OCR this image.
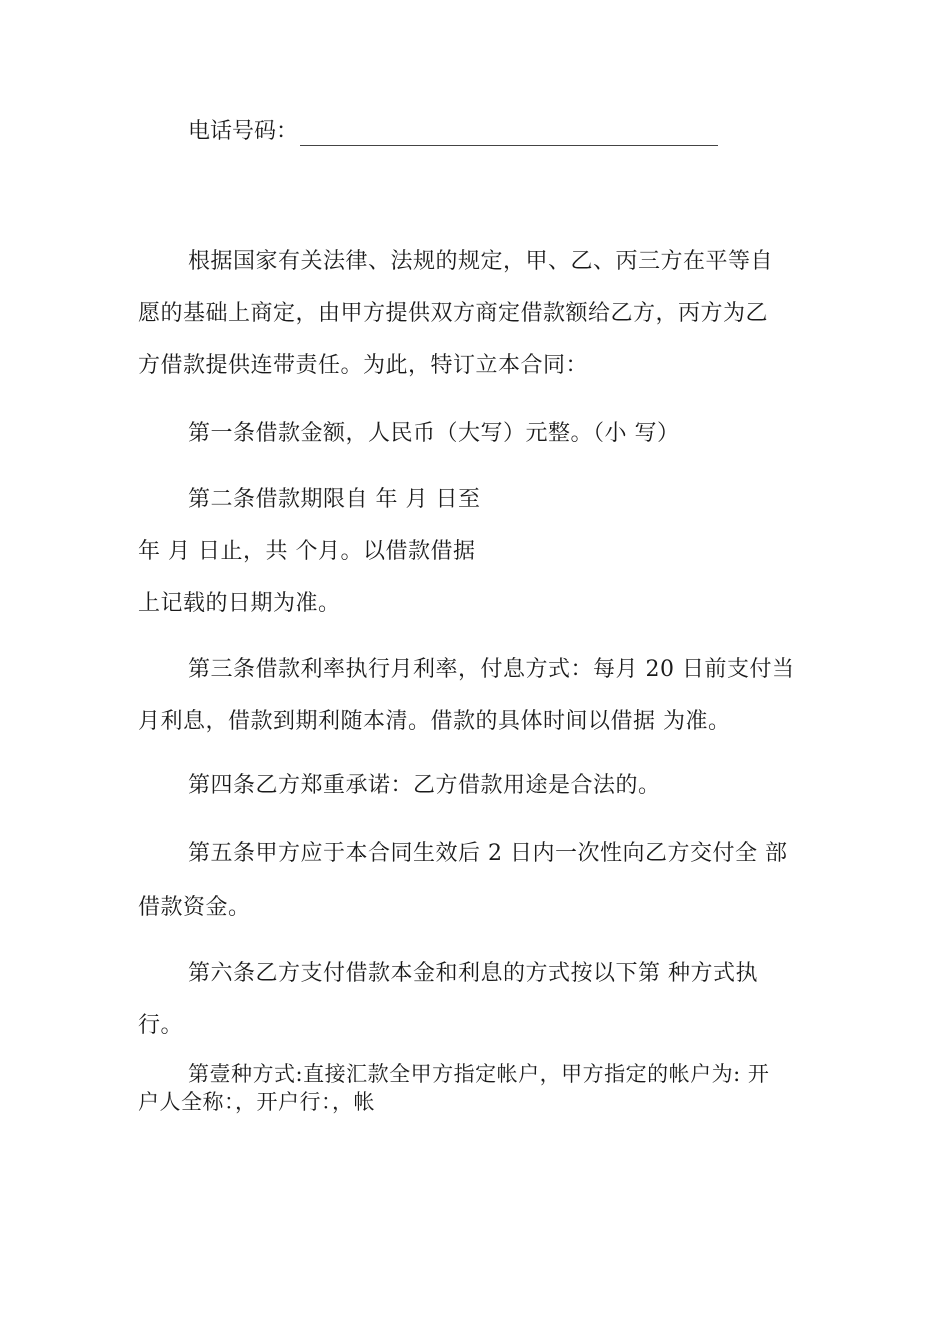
电话号码：
根据国家有关法律、法规的规定，甲、乙、丙三方在平等自
愿的基础上商定，由甲方提供双方商定借款额给乙方，丙方为乙
方借款提供连带责任。为此，特订立本合同：
第一条借款金额，人民币（大写）元整。（小 写）
第二条借款期限自 年 月 日至
年 月 日止，共 个月。以借款借据
上记载的日期为准。
第三条借款利率执行月利率，付息方式：每月 20 日前支付当
月利息，借款到期利随本清。借款的具体时间以借据 为准。
第四条乙方郑重承诺：乙方借款用途是合法的。
第五条甲方应于本合同生效后 2 日内一次性向乙方交付全 部
借款资金。
第六条乙方支付借款本金和利息的方式按以下第 种方式执
行。
第壹种方式:直接汇款全甲方指定帐户，甲方指定的帐户为: 开
户人全称：，开户行：，帐
